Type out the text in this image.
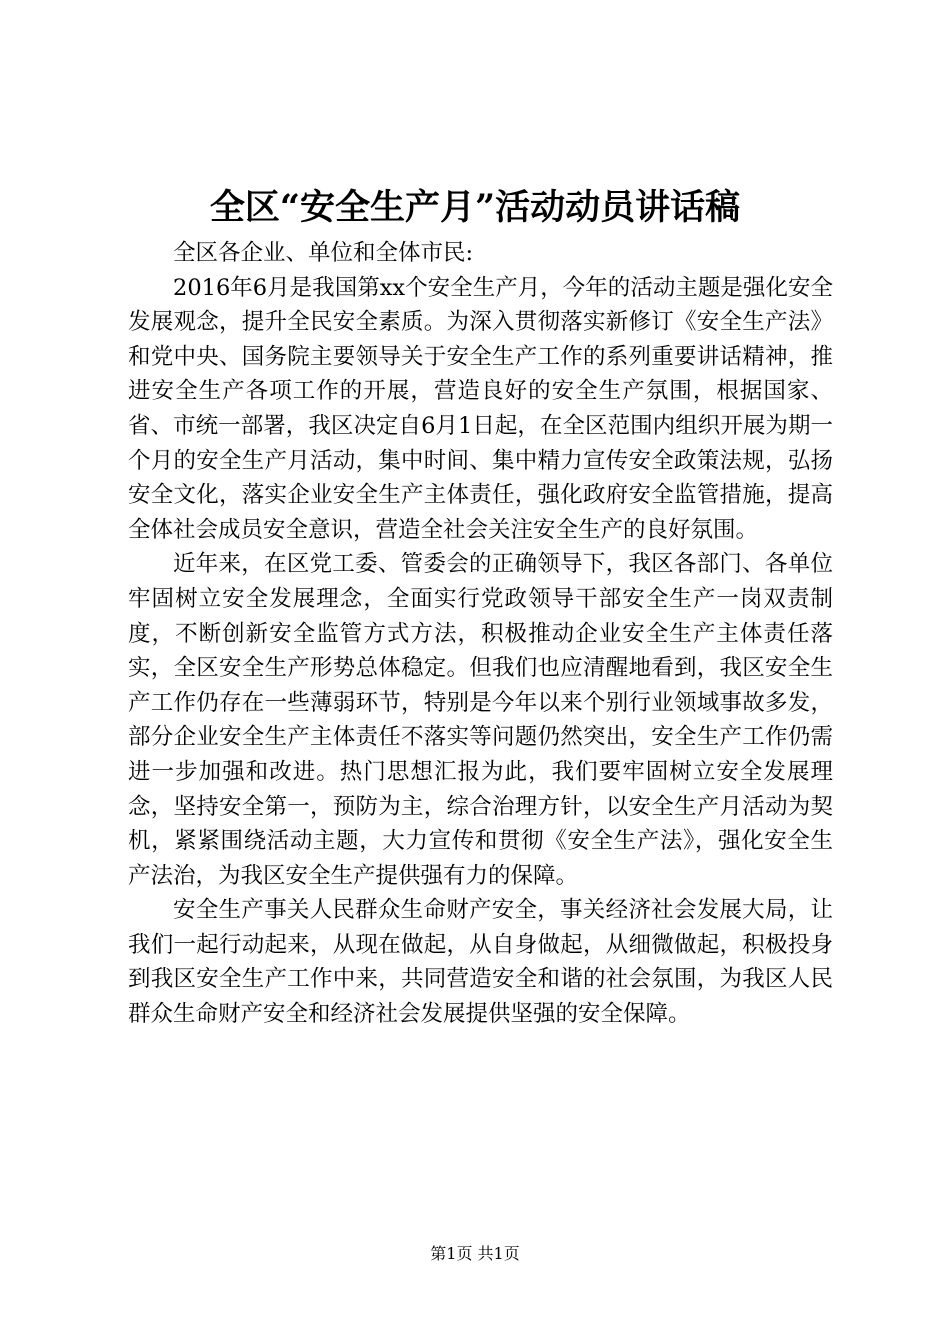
全区“安全生产月”活动动员讲话稿

全区各企业、单位和全体市民:

2016年6月是我国第xx个安全生产月，今年的活动主题是强化安全发展观念，提升全民安全素质。为深入贯彻落实新修订《安全生产法》和党中央、国务院主要领导关于安全生产工作的系列重要讲话精神，推进安全生产各项工作的开展，营造良好的安全生产氛围，根据国家、省、市统一部署，我区决定自6月1日起，在全区范围内组织开展为期一个月的安全生产月活动，集中时间、集中精力宣传安全政策法规，弘扬安全文化，落实企业安全生产主体责任，强化政府安全监管措施，提高全体社会成员安全意识，营造全社会关注安全生产的良好氛围。

近年来，在区党工委、管委会的正确领导下，我区各部门、各单位牢固树立安全发展理念，全面实行党政领导干部安全生产一岗双责制度，不断创新安全监管方式方法，积极推动企业安全生产主体责任落实，全区安全生产形势总体稳定。但我们也应清醒地看到，我区安全生产工作仍存在一些薄弱环节，特别是今年以来个别行业领域事故多发，部分企业安全生产主体责任不落实等问题仍然突出，安全生产工作仍需进一步加强和改进。热门思想汇报为此，我们要牢固树立安全发展理念，坚持安全第一，预防为主，综合治理方针，以安全生产月活动为契机，紧紧围绕活动主题，大力宣传和贯彻《安全生产法》，强化安全生产法治，为我区安全生产提供强有力的保障。

安全生产事关人民群众生命财产安全，事关经济社会发展大局，让我们一起行动起来，从现在做起，从自身做起，从细微做起，积极投身到我区安全生产工作中来，共同营造安全和谐的社会氛围，为我区人民群众生命财产安全和经济社会发展提供坚强的安全保障。

第1页 共1页
